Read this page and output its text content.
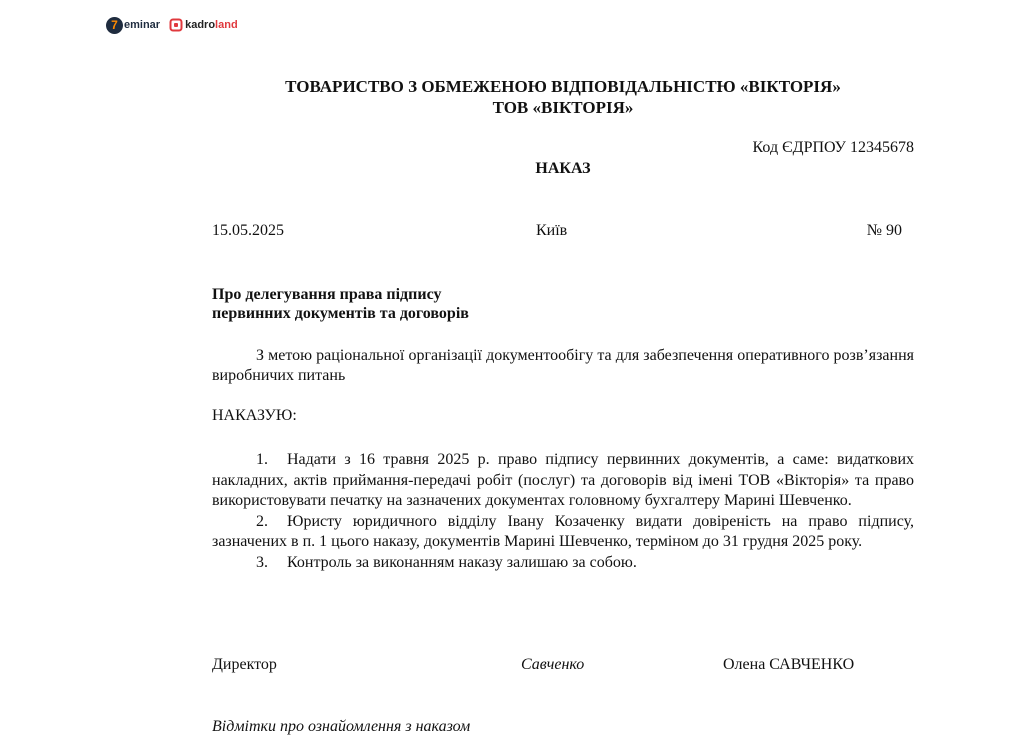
7 eminar kadroland
ТОВАРИСТВО З ОБМЕЖЕНОЮ ВІДПОВІДАЛЬНІСТЮ «ВІКТОРІЯ»
ТОВ «ВІКТОРІЯ»
Код ЄДРПОУ 12345678
НАКАЗ
15.05.2025	Київ	№ 90
Про делегування права підпису
первинних документів та договорів
З метою раціональної організації документообігу та для забезпечення оперативного розв’язання виробничих питань
НАКАЗУЮ:

1. Надати з 16 травня 2025 р. право підпису первинних документів, а саме: видаткових накладних, актів приймання-передачі робіт (послуг) та договорів від імені ТОВ «Вікторія» та право використовувати печатку на зазначених документах головному бухгалтеру Марині Шевченко.

2. Юристу юридичного відділу Івану Козаченку видати довіреність на право підпису, зазначених в п. 1 цього наказу, документів Марині Шевченко, терміном до 31 грудня 2025 року.

3. Контроль за виконанням наказу залишаю за собою.

Директор	Савченко	Олена САВЧЕНКО
Відмітки про ознайомлення з наказом
